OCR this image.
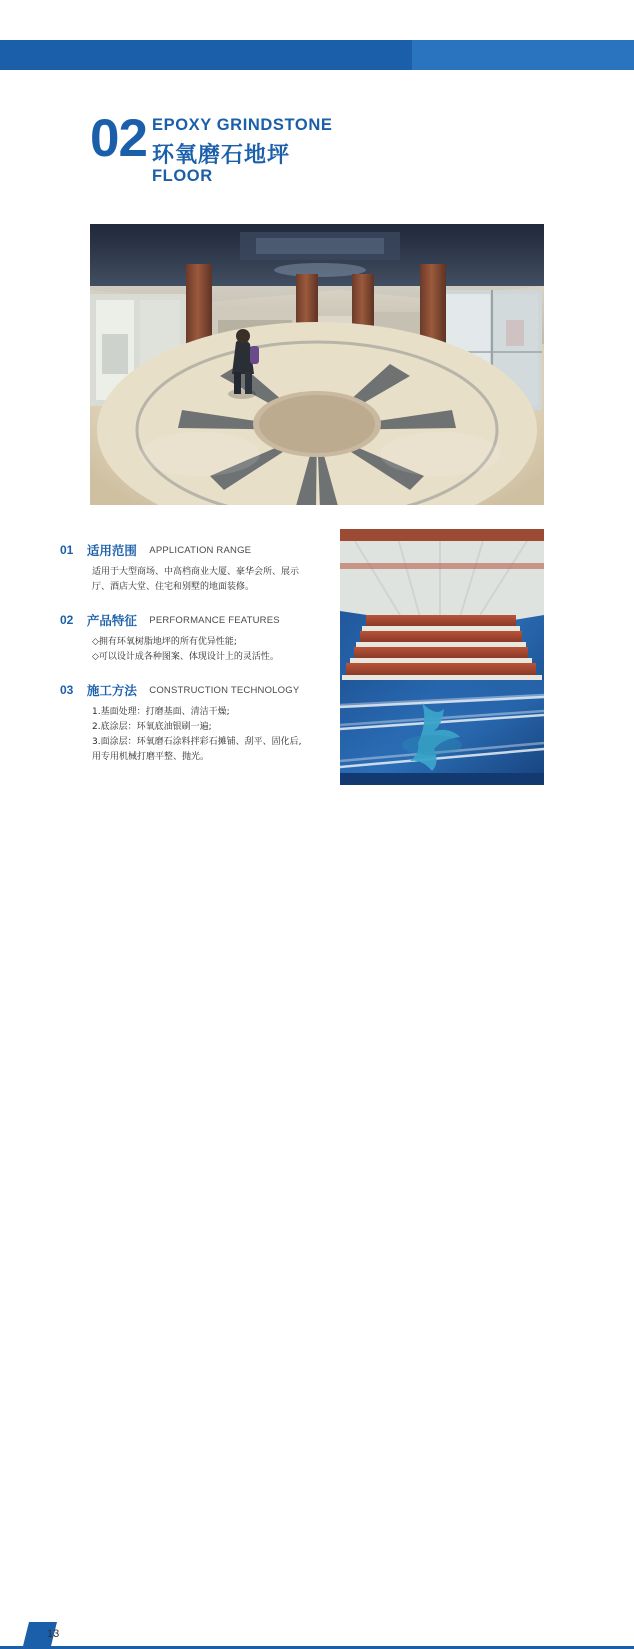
02 EPOXY GRINDSTONE
环氧磨石地坪
FLOOR
01 适用范围 APPLICATION RANGE
适用于大型商场、中高档商业大厦、豪华会所、展示
厅、酒店大堂、住宅和别墅的地面装修。
02 产品特征 PERFORMANCE FEATURES
◇拥有环氧树脂地坪的所有优异性能;
◇可以设计成各种图案、体现设计上的灵活性。
03 施工方法 CONSTRUCTION TECHNOLOGY
1.基面处理：打磨基面、清洁干燥;
2.底涂层：环氧底油银刷一遍;
3.面涂层：环氧磨石涂料拌彩石摊铺、刮平、固化后,
用专用机械打磨平整、抛光。
13
